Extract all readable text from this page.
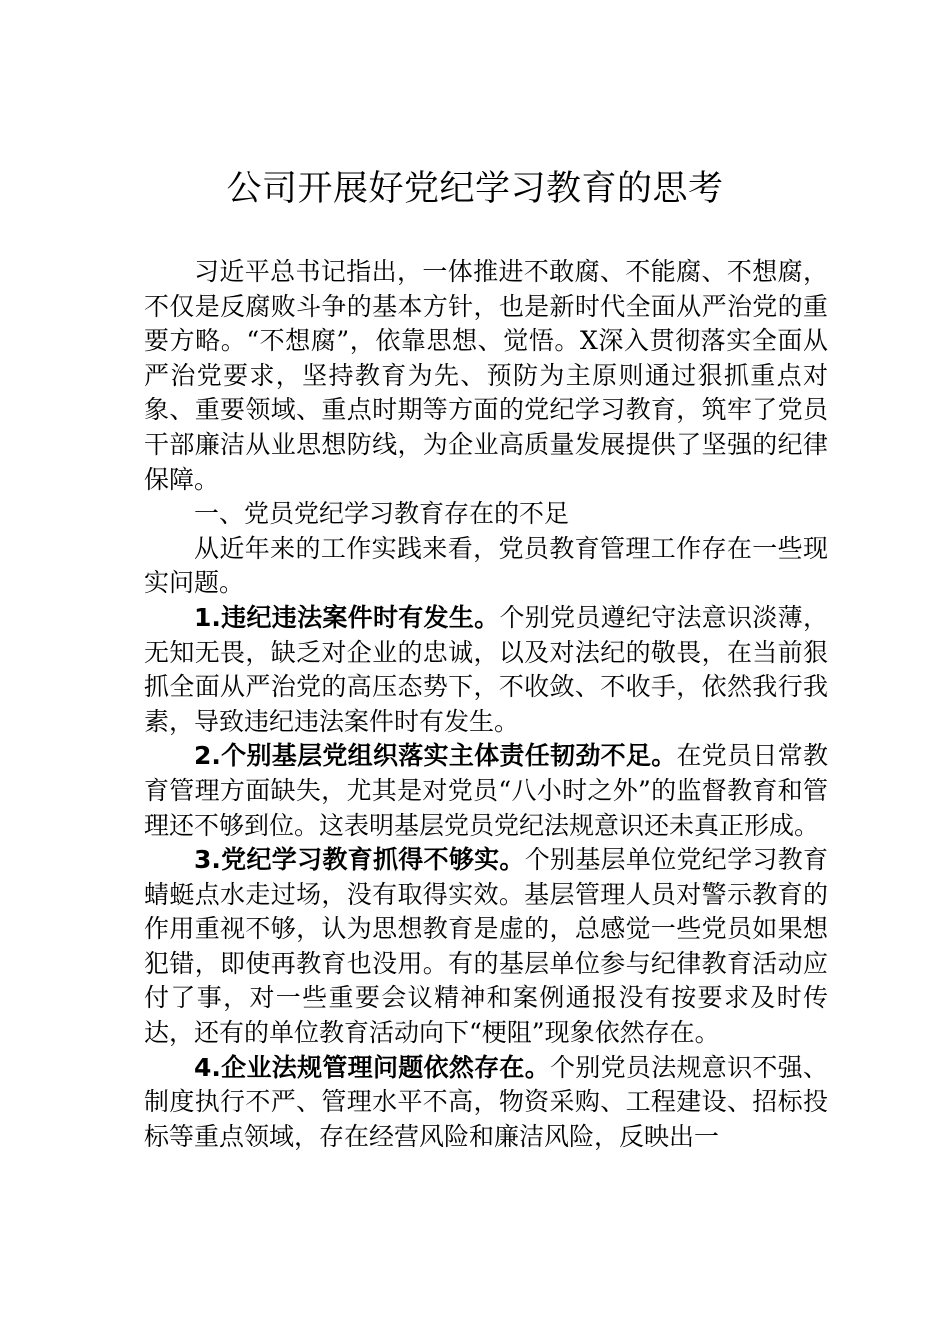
公司开展好党纪学习教育的思考

习近平总书记指出，一体推进不敢腐、不能腐、不想腐，不仅是反腐败斗争的基本方针，也是新时代全面从严治党的重要方略。“不想腐”，依靠思想、觉悟。X深入贯彻落实全面从严治党要求，坚持教育为先、预防为主原则通过狠抓重点对象、重要领域、重点时期等方面的党纪学习教育，筑牢了党员干部廉洁从业思想防线，为企业高质量发展提供了坚强的纪律保障。

一、党员党纪学习教育存在的不足

从近年来的工作实践来看，党员教育管理工作存在一些现实问题。

1.违纪违法案件时有发生。个别党员遵纪守法意识淡薄，无知无畏，缺乏对企业的忠诚，以及对法纪的敬畏，在当前狠抓全面从严治党的高压态势下，不收敛、不收手，依然我行我素，导致违纪违法案件时有发生。

2.个别基层党组织落实主体责任韧劲不足。在党员日常教育管理方面缺失，尤其是对党员“八小时之外”的监督教育和管理还不够到位。这表明基层党员党纪法规意识还未真正形成。

3.党纪学习教育抓得不够实。个别基层单位党纪学习教育蜻蜓点水走过场，没有取得实效。基层管理人员对警示教育的作用重视不够，认为思想教育是虚的，总感觉一些党员如果想犯错，即使再教育也没用。有的基层单位参与纪律教育活动应付了事，对一些重要会议精神和案例通报没有按要求及时传达，还有的单位教育活动向下“梗阻”现象依然存在。

4.企业法规管理问题依然存在。个别党员法规意识不强、制度执行不严、管理水平不高，物资采购、工程建设、招标投标等重点领域，存在经营风险和廉洁风险，反映出一
